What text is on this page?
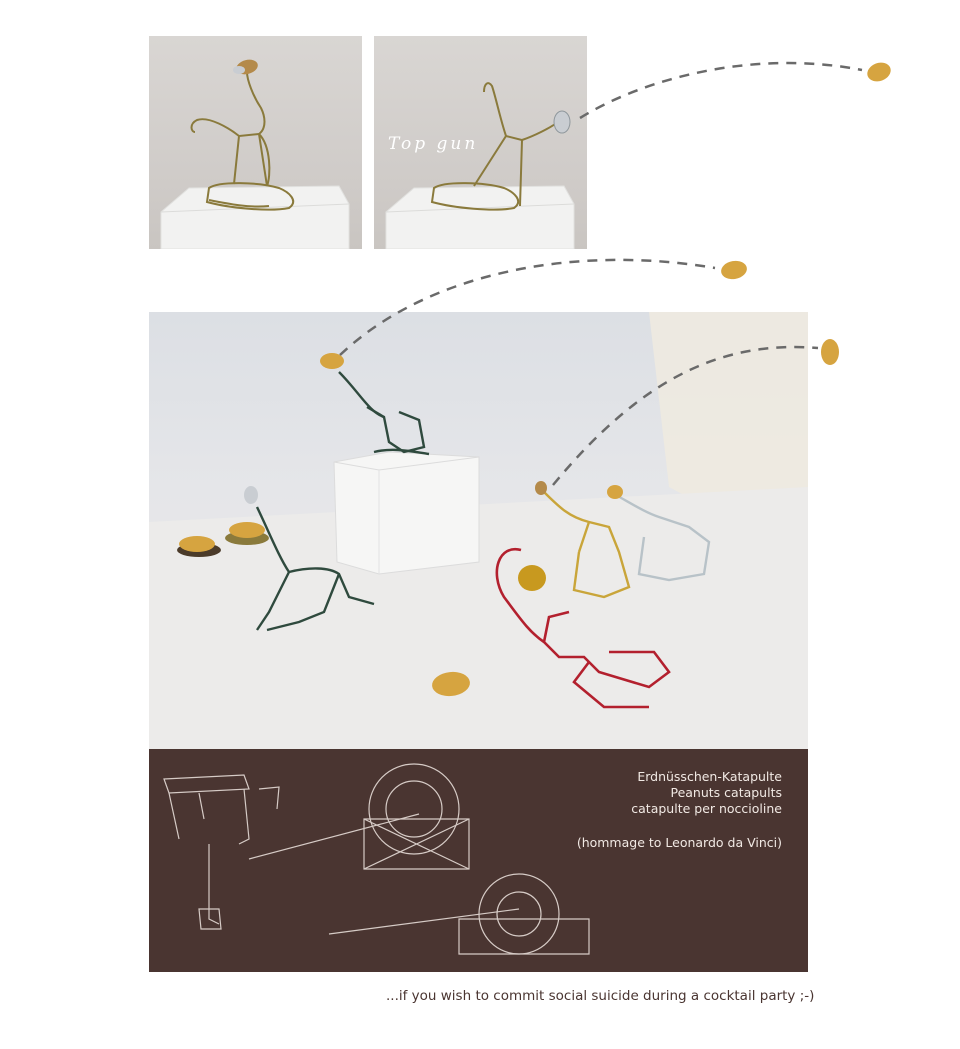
Top gun
Erdnüsschen-Katapulte
Peanuts catapults
catapulte per noccioline
(hommage to Leonardo da Vinci)
...if you wish to commit social suicide during a cocktail party ;-)
